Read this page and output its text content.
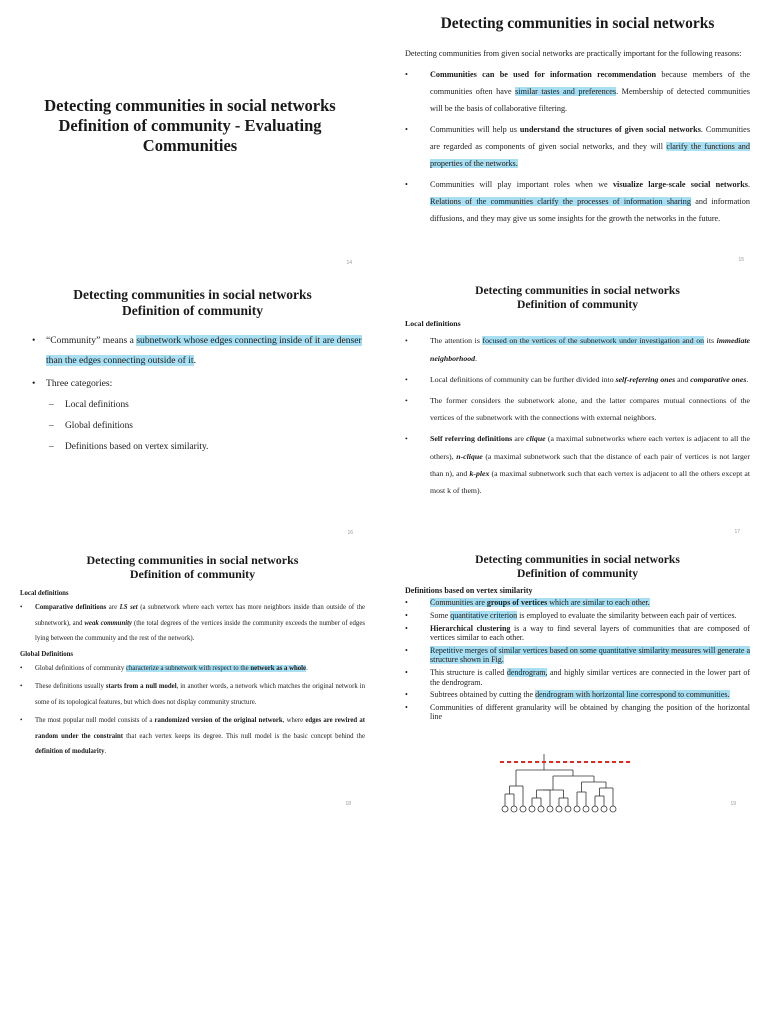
Detecting communities in social networks
Definition of community - Evaluating
Communities
14
Detecting communities in social networks
Detecting communities from given social networks are practically important for the following reasons:
•	Communities can be used for information recommendation because members of the communities often have similar tastes and preferences. Membership of detected communities will be the basis of collaborative filtering.
•	Communities will help us understand the structures of given social networks. Communities are regarded as components of given social networks, and they will clarify the functions and properties of the networks.
•	Communities will play important roles when we visualize large-scale social networks. Relations of the communities clarify the processes of information sharing and information diffusions, and they may give us some insights for the growth the networks in the future.
15
Detecting communities in social networks
Definition of community
• “Community” means a subnetwork whose edges connecting inside of it are denser than the edges connecting outside of it.
• Three categories:
– Local definitions
– Global definitions
– Definitions based on vertex similarity.
16
Detecting communities in social networks
Definition of community
Local definitions
•	The attention is focused on the vertices of the subnetwork under investigation and on its immediate neighborhood.
•	Local definitions of community can be further divided into self-referring ones and comparative ones.
•	The former considers the subnetwork alone, and the latter compares mutual connections of the vertices of the subnetwork with the connections with external neighbors.
•	Self referring definitions are clique (a maximal subnetworks where each vertex is adjacent to all the others), n-clique (a maximal subnetwork such that the distance of each pair of vertices is not larger than n), and k-plex (a maximal subnetwork such that each vertex is adjacent to all the others except at most k of them).
17
Detecting communities in social networks
Definition of community
Local definitions
• Comparative definitions are LS set (a subnetwork where each vertex has more neighbors inside than outside of the subnetwork), and weak community (the total degrees of the vertices inside the community exceeds the number of edges lying between the community and the rest of the network).
Global Definitions
• Global definitions of community characterize a subnetwork with respect to the network as a whole.
• These definitions usually starts from a null model, in another words, a network which matches the original network in some of its topological features, but which does not display community structure.
• The most popular null model consists of a randomized version of the original network, where edges are rewired at random under the constraint that each vertex keeps its degree. This null model is the basic concept behind the definition of modularity.
18
Detecting communities in social networks
Definition of community
Definitions based on vertex similarity
•	Communities are groups of vertices which are similar to each other.
•	Some quantitative criterion is employed to evaluate the similarity between each pair of vertices.
•	Hierarchical clustering is a way to find several layers of communities that are composed of vertices similar to each other.
•	Repetitive merges of similar vertices based on some quantitative similarity measures will generate a structure shown in Fig.
•	This structure is called dendrogram, and highly similar vertices are connected in the lower part of the dendrogram.
•	Subtrees obtained by cutting the dendrogram with horizontal line correspond to communities.
•	Communities of different granularity will be obtained by changing the position of the horizontal line
19
